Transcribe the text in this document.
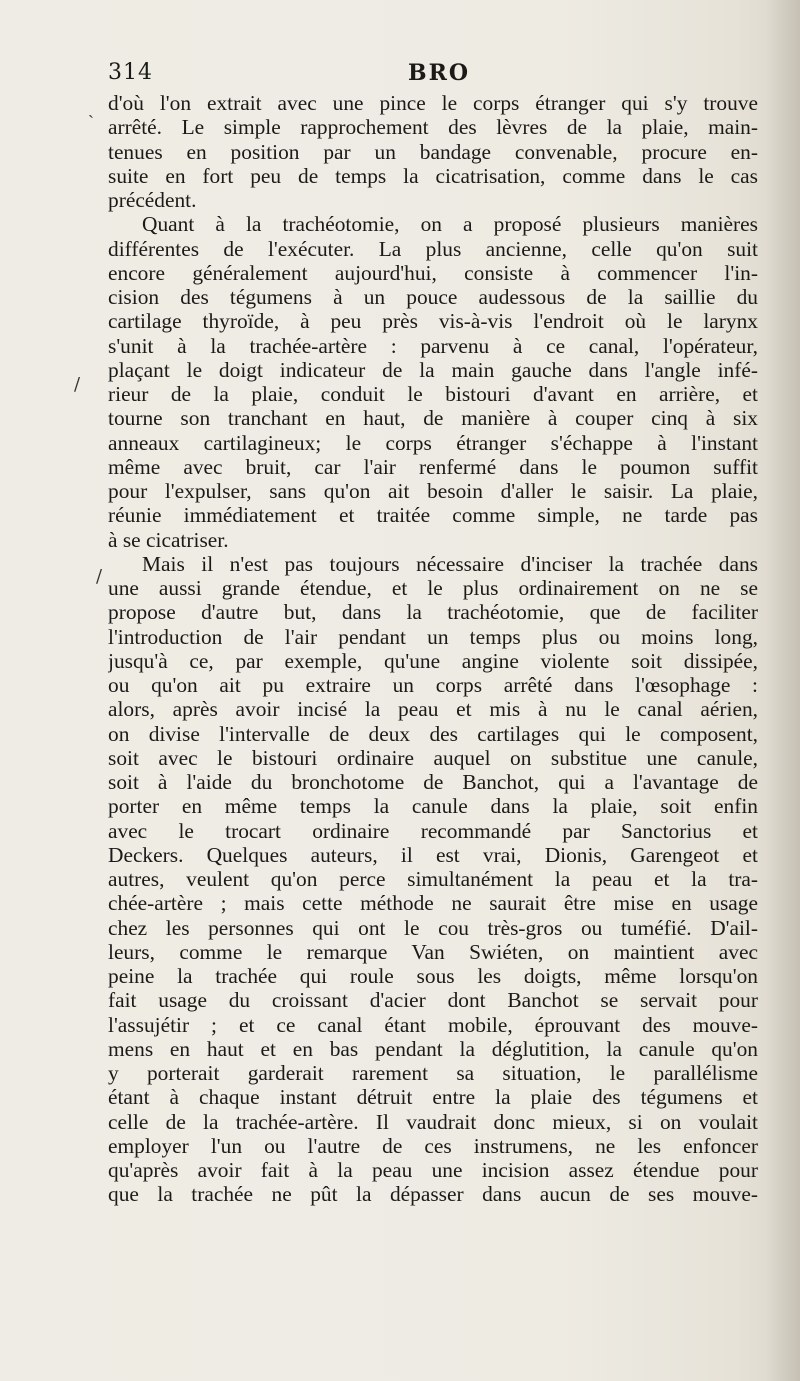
314	BRO
ˏ
/
/
d'où l'on extrait avec une pince le corps étranger qui s'y trouve
arrêté. Le simple rapprochement des lèvres de la plaie, main-
tenues en position par un bandage convenable, procure en-
suite en fort peu de temps la cicatrisation, comme dans le cas
précédent.
Quant à la trachéotomie, on a proposé plusieurs manières
différentes de l'exécuter. La plus ancienne, celle qu'on suit
encore généralement aujourd'hui, consiste à commencer l'in-
cision des tégumens à un pouce audessous de la saillie du
cartilage thyroïde, à peu près vis-à-vis l'endroit où le larynx
s'unit à la trachée-artère : parvenu à ce canal, l'opérateur,
plaçant le doigt indicateur de la main gauche dans l'angle infé-
rieur de la plaie, conduit le bistouri d'avant en arrière, et
tourne son tranchant en haut, de manière à couper cinq à six
anneaux cartilagineux; le corps étranger s'échappe à l'instant
même avec bruit, car l'air renfermé dans le poumon suffit
pour l'expulser, sans qu'on ait besoin d'aller le saisir. La plaie,
réunie immédiatement et traitée comme simple, ne tarde pas
à se cicatriser.
Mais il n'est pas toujours nécessaire d'inciser la trachée dans
une aussi grande étendue, et le plus ordinairement on ne se
propose d'autre but, dans la trachéotomie, que de faciliter
l'introduction de l'air pendant un temps plus ou moins long,
jusqu'à ce, par exemple, qu'une angine violente soit dissipée,
ou qu'on ait pu extraire un corps arrêté dans l'œsophage :
alors, après avoir incisé la peau et mis à nu le canal aérien,
on divise l'intervalle de deux des cartilages qui le composent,
soit avec le bistouri ordinaire auquel on substitue une canule,
soit à l'aide du bronchotome de Banchot, qui a l'avantage de
porter en même temps la canule dans la plaie, soit enfin
avec le trocart ordinaire recommandé par Sanctorius et
Deckers. Quelques auteurs, il est vrai, Dionis, Garengeot et
autres, veulent qu'on perce simultanément la peau et la tra-
chée-artère ; mais cette méthode ne saurait être mise en usage
chez les personnes qui ont le cou très-gros ou tuméfié. D'ail-
leurs, comme le remarque Van Swiéten, on maintient avec
peine la trachée qui roule sous les doigts, même lorsqu'on
fait usage du croissant d'acier dont Banchot se servait pour
l'assujétir ; et ce canal étant mobile, éprouvant des mouve-
mens en haut et en bas pendant la déglutition, la canule qu'on
y porterait garderait rarement sa situation, le parallélisme
étant à chaque instant détruit entre la plaie des tégumens et
celle de la trachée-artère. Il vaudrait donc mieux, si on voulait
employer l'un ou l'autre de ces instrumens, ne les enfoncer
qu'après avoir fait à la peau une incision assez étendue pour
que la trachée ne pût la dépasser dans aucun de ses mouve-
